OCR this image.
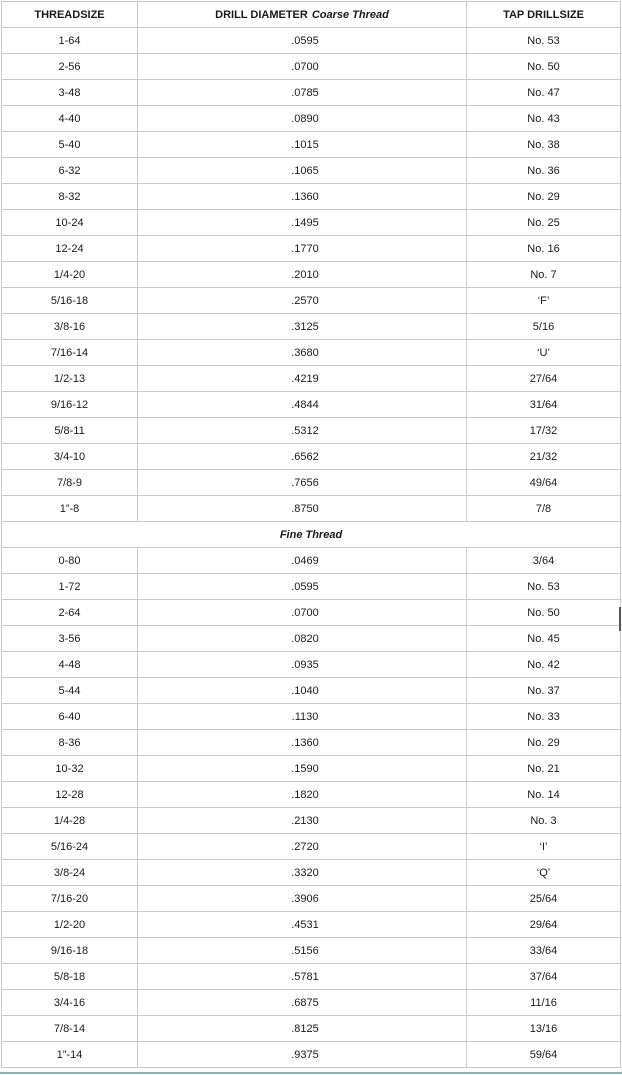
THREADSIZE	DRILL DIAMETER Coarse Thread	TAP DRILLSIZE
1-64	.0595	No. 53
2-56	.0700	No. 50
3-48	.0785	No. 47
4-40	.0890	No. 43
5-40	.1015	No. 38
6-32	.1065	No. 36
8-32	.1360	No. 29
10-24	.1495	No. 25
12-24	.1770	No. 16
1/4-20	.2010	No. 7
5/16-18	.2570	‘F’
3/8-16	.3125	5/16
7/16-14	.3680	‘U’
1/2-13	.4219	27/64
9/16-12	.4844	31/64
5/8-11	.5312	17/32
3/4-10	.6562	21/32
7/8-9	.7656	49/64
1”-8	.8750	7/8
Fine Thread		
0-80	.0469	3/64
1-72	.0595	No. 53
2-64	.0700	No. 50
3-56	.0820	No. 45
4-48	.0935	No. 42
5-44	.1040	No. 37
6-40	.1130	No. 33
8-36	.1360	No. 29
10-32	.1590	No. 21
12-28	.1820	No. 14
1/4-28	.2130	No. 3
5/16-24	.2720	‘I’
3/8-24	.3320	‘Q’
7/16-20	.3906	25/64
1/2-20	.4531	29/64
9/16-18	.5156	33/64
5/8-18	.5781	37/64
3/4-16	.6875	11/16
7/8-14	.8125	13/16
1”-14	.9375	59/64
